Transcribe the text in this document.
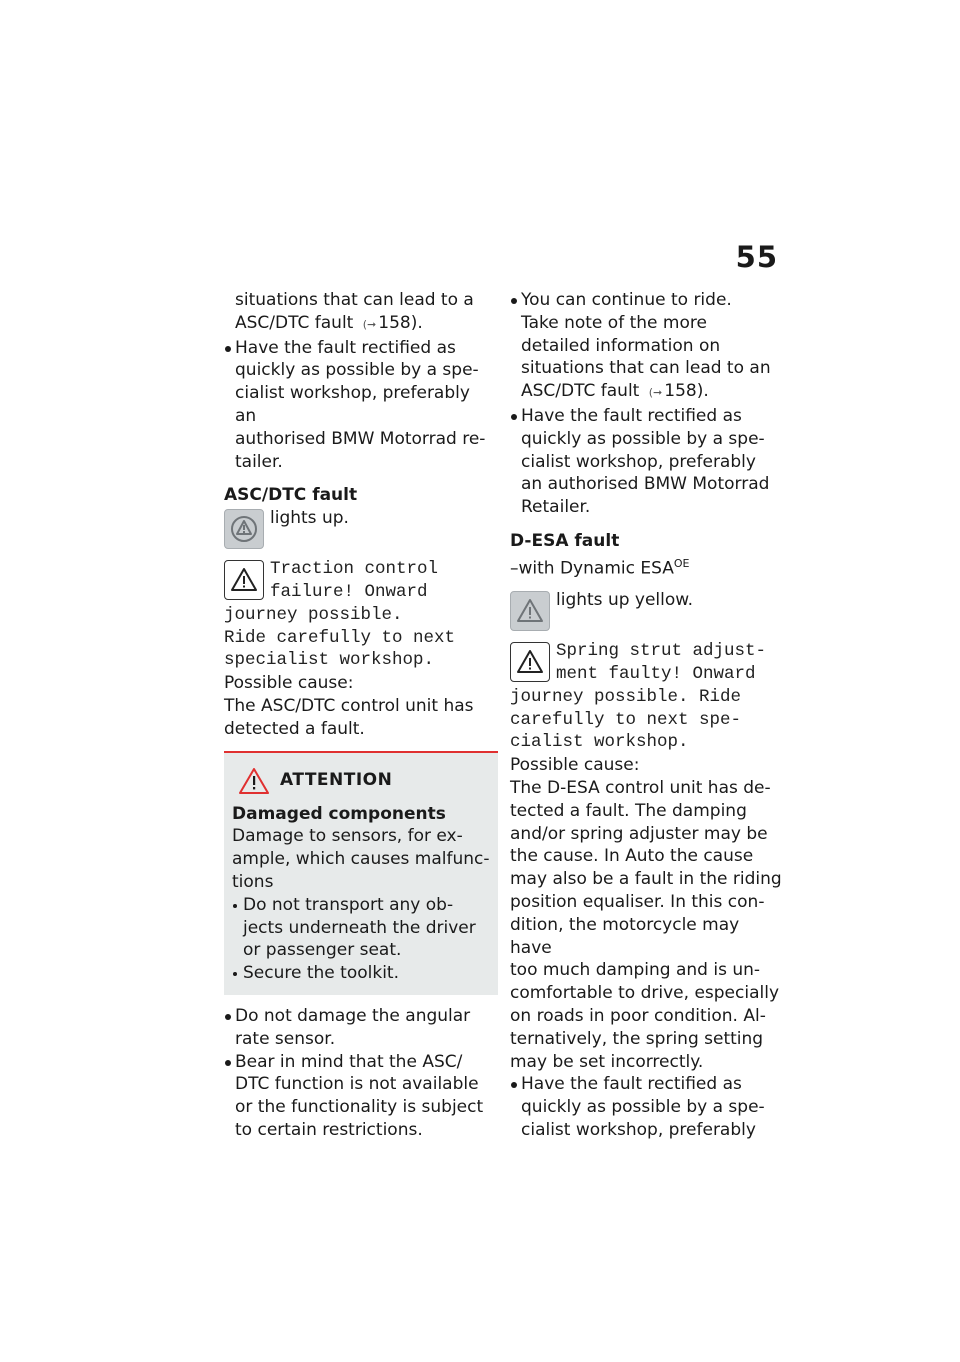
55
situations that can lead to a
ASC/DTC fault (➞ 158).
Have the fault rectified as
quickly as possible by a spe-
cialist workshop, preferably an
authorised BMW Motorrad re-
tailer.
ASC/DTC fault
lights up.
Traction control
failure! Onward
journey possible.
Ride carefully to next
specialist workshop.
Possible cause:
The ASC/DTC control unit has
detected a fault.
ATTENTION
Damaged components
Damage to sensors, for ex-
ample, which causes malfunc-
tions
Do not transport any ob-
jects underneath the driver
or passenger seat.
Secure the toolkit.
Do not damage the angular
rate sensor.
Bear in mind that the ASC/
DTC function is not available
or the functionality is subject
to certain restrictions.
You can continue to ride.
Take note of the more
detailed information on
situations that can lead to an
ASC/DTC fault (➞ 158).
Have the fault rectified as
quickly as possible by a spe-
cialist workshop, preferably
an authorised BMW Motorrad
Retailer.
D-ESA fault
–with Dynamic $ESA^{OE}$
lights up yellow.
Spring strut adjust-
ment faulty! Onward
journey possible. Ride
carefully to next spe-
cialist workshop.
Possible cause:
The D-ESA control unit has de-
tected a fault. The damping
and/or spring adjuster may be
the cause. In Auto the cause
may also be a fault in the riding
position equaliser. In this con-
dition, the motorcycle may have
too much damping and is un-
comfortable to drive, especially
on roads in poor condition. Al-
ternatively, the spring setting
may be set incorrectly.
Have the fault rectified as
quickly as possible by a spe-
cialist workshop, preferably
